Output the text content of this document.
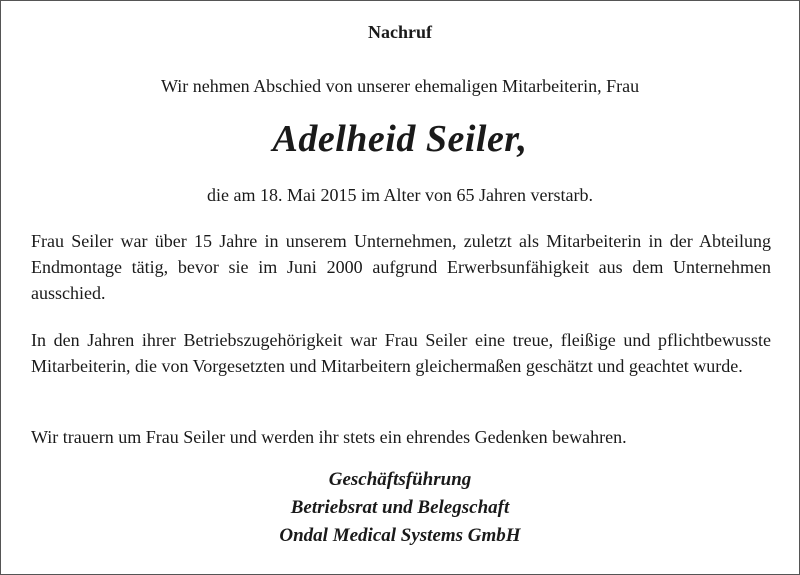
Nachruf
Wir nehmen Abschied von unserer ehemaligen Mitarbeiterin, Frau
Adelheid Seiler,
die am 18. Mai 2015 im Alter von 65 Jahren verstarb.

Frau Seiler war über 15 Jahre in unserem Unternehmen, zuletzt als Mitarbeiterin in der Abteilung Endmontage tätig, bevor sie im Juni 2000 aufgrund Erwerbsunfähigkeit aus dem Unternehmen ausschied.

In den Jahren ihrer Betriebszugehörigkeit war Frau Seiler eine treue, fleißige und pflichtbewusste Mitarbeiterin, die von Vorgesetzten und Mitarbeitern gleichermaßen geschätzt und geachtet wurde.

Wir trauern um Frau Seiler und werden ihr stets ein ehrendes Gedenken bewahren.

Geschäftsführung
Betriebsrat und Belegschaft
Ondal Medical Systems GmbH
